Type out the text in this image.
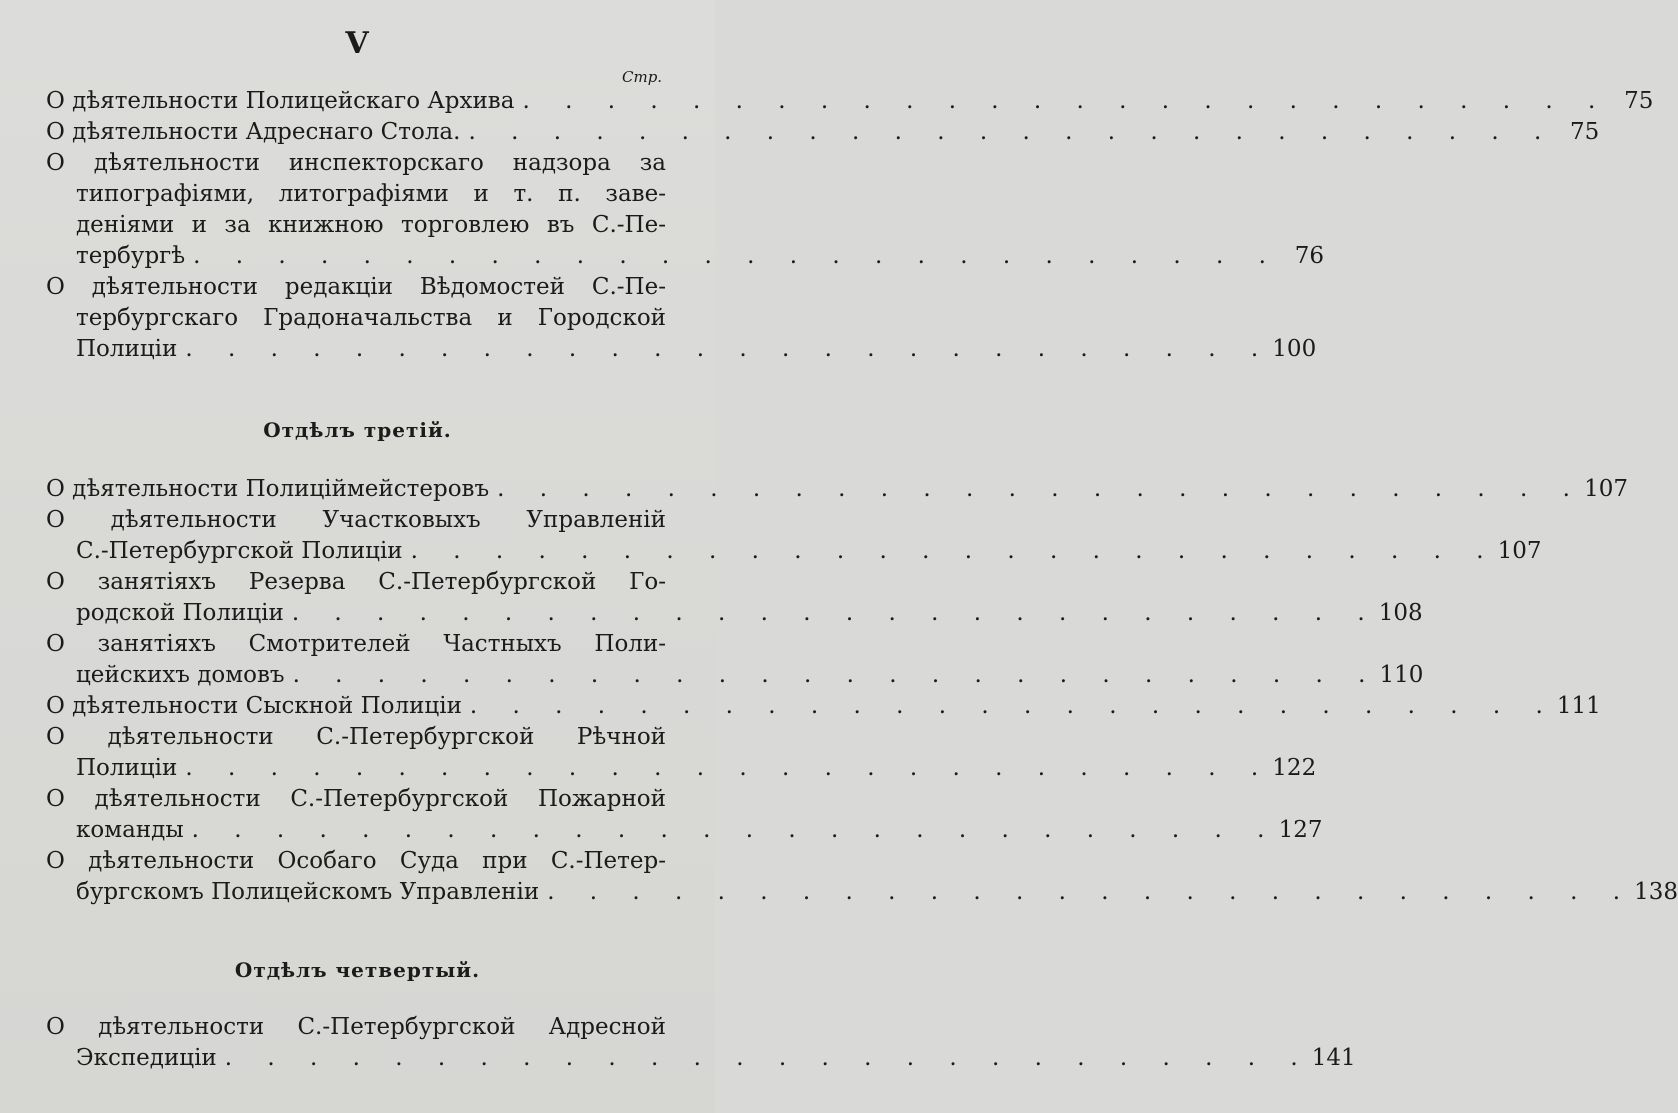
V
Стр.
О дѣятельности Полицейскаго Архива . . . . . . . . . . . . . . . . . . . . . . . . . . 75
О дѣятельности Адреснаго Стола. . . . . . . . . . . . . . . . . . . . . . . . . . . 75
О дѣятельности инспекторскаго надзора за
типографіями, литографіями и т. п. заве-
деніями и за книжною торговлею въ С.-Пе-
тербургѣ . . . . . . . . . . . . . . . . . . . . . . . . . . 76
О дѣятельности редакціи Вѣдомостей С.-Пе-
тербургскаго Градоначальства и Городской
Полиціи . . . . . . . . . . . . . . . . . . . . . . . . . . 100
Отдѣлъ третій.
О дѣятельности Полиціймейстеровъ . . . . . . . . . . . . . . . . . . . . . . . . . . 107
О дѣятельности Участковыхъ Управленій
С.-Петербургской Полиціи . . . . . . . . . . . . . . . . . . . . . . . . . . 107
О занятіяхъ Резерва С.-Петербургской Го-
родской Полиціи . . . . . . . . . . . . . . . . . . . . . . . . . . 108
О занятіяхъ Смотрителей Частныхъ Поли-
цейскихъ домовъ . . . . . . . . . . . . . . . . . . . . . . . . . . 110
О дѣятельности Сыскной Полиціи . . . . . . . . . . . . . . . . . . . . . . . . . . 111
О дѣятельности С.-Петербургской Рѣчной
Полиціи . . . . . . . . . . . . . . . . . . . . . . . . . . 122
О дѣятельности С.-Петербургской Пожарной
команды . . . . . . . . . . . . . . . . . . . . . . . . . . 127
О дѣятельности Особаго Суда при С.-Петер-
бургскомъ Полицейскомъ Управленіи . . . . . . . . . . . . . . . . . . . . . . . . . . 138
Отдѣлъ четвертый.
О дѣятельности С.-Петербургской Адресной
Экспедиціи . . . . . . . . . . . . . . . . . . . . . . . . . . 141
